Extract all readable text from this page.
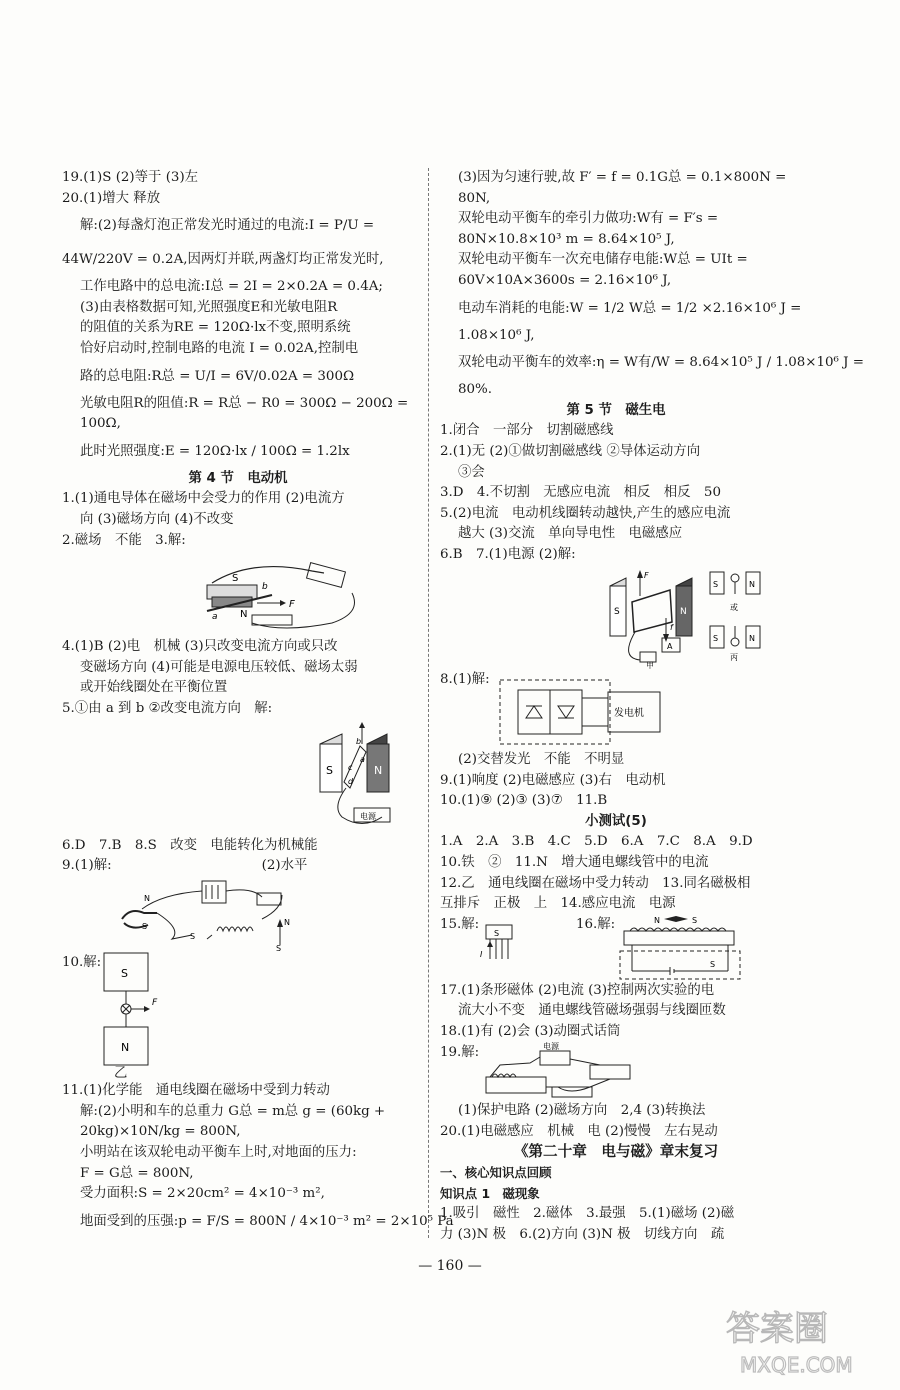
19.(1)S (2)等于 (3)左
20.(1)增大 释放
解:(2)每盏灯泡正常发光时通过的电流:I = P/U =
44W/220V = 0.2A,因两灯并联,两盏灯均正常发光时,
工作电路中的总电流:I总 = 2I = 2×0.2A = 0.4A;
(3)由表格数据可知,光照强度E和光敏电阻R
的阻值的关系为RE = 120Ω·lx不变,照明系统
恰好启动时,控制电路的电流 I = 0.02A,控制电
路的总电阻:R总 = U/I = 6V/0.02A = 300Ω
光敏电阻R的阻值:R = R总 − R0 = 300Ω − 200Ω =
100Ω,
此时光照强度:E = 120Ω·lx / 100Ω = 1.2lx
第 4 节　电动机
1.(1)通电导体在磁场中会受力的作用 (2)电流方
向 (3)磁场方向 (4)不改变
2.磁场　不能　3.解:
S
N
F
a
b
4.(1)B (2)电　机械 (3)只改变电流方向或只改
变磁场方向 (4)可能是电源电压较低、磁场太弱
或开始线圈处在平衡位置
5.①由 a 到 b ②改变电流方向　解:
S	N
a
b
c
d
电源
6.D　7.B　8.S　改变　电能转化为机械能
9.(1)解:	(2)水平
N
S
S
N
S
10.解:
S
F
N
乙
11.(1)化学能　通电线圈在磁场中受到力转动
解:(2)小明和车的总重力 G总 = m总 g = (60kg +
20kg)×10N/kg = 800N,
小明站在该双轮电动平衡车上时,对地面的压力:
F = G总 = 800N,
受力面积:S = 2×20cm² = 4×10⁻³ m²,
地面受到的压强:p = F/S = 800N / 4×10⁻³ m² = 2×10⁵ Pa
(3)因为匀速行驶,故 F′ = f = 0.1G总 = 0.1×800N =
80N,
双轮电动平衡车的牵引力做功:W有 = F′s =
80N×10.8×10³ m = 8.64×10⁵ J,
双轮电动平衡车一次充电储存电能:W总 = UIt =
60V×10A×3600s = 2.16×10⁶ J,
电动车消耗的电能:W = 1/2 W总 = 1/2 ×2.16×10⁶ J =
1.08×10⁶ J,
双轮电动平衡车的效率:η = W有/W = 8.64×10⁵ J / 1.08×10⁶ J =
80%.
第 5 节　磁生电
1.闭合　一部分　切割磁感线
2.(1)无 (2)①做切割磁感线 ②导体运动方向
③会
3.D　4.不切割　无感应电流　相反　相反　50
5.(2)电流　电动机线圈转动越快,产生的感应电流
越大 (3)交流　单向导电性　电磁感应
6.B　7.(1)电源 (2)解:
S	N
F
f
A
甲
S	N
或
S	N
丙
8.(1)解:
发电机
(2)交替发光　不能　不明显
9.(1)响度 (2)电磁感应 (3)右　电动机
10.(1)⑨ (2)③ (3)⑦　11.B
小测试(5)
1.A　2.A　3.B　4.C　5.D　6.A　7.C　8.A　9.D
10.铁　②　11.N　增大通电螺线管中的电流
12.乙　通电线圈在磁场中受力转动　13.同名磁极相
互排斥　正极　上　14.感应电流　电源
15.解:	16.解:
S
I
N	S
S
17.(1)条形磁体 (2)电流 (3)控制两次实验的电
流大小不变　通电螺线管磁场强弱与线圈匝数
18.(1)有 (2)会 (3)动圈式话筒
19.解:	电源
(1)保护电路 (2)磁场方向　2,4 (3)转换法
20.(1)电磁感应　机械　电 (2)慢慢　左右晃动
《第二十章　电与磁》章末复习
一、核心知识点回顾
知识点 1　磁现象
1.吸引　磁性　2.磁体　3.最强　5.(1)磁场 (2)磁
力 (3)N 极　6.(2)方向 (3)N 极　切线方向　疏
— 160 —
答案圈
MXQE.COM
